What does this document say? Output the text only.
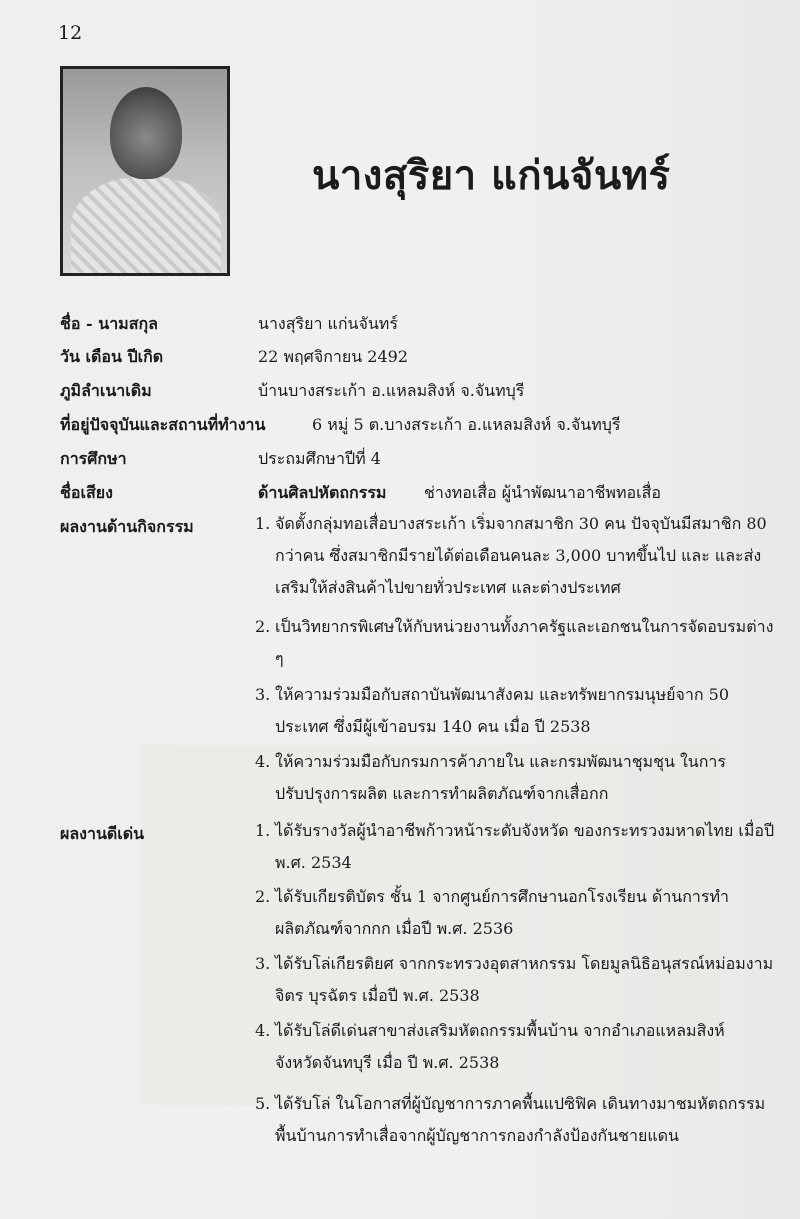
12
นางสุริยา แก่นจันทร์
ชื่อ - นามสกุล	นางสุริยา แก่นจันทร์
วัน เดือน ปีเกิด	22 พฤศจิกายน 2492
ภูมิลำเนาเดิม	บ้านบางสระเก้า อ.แหลมสิงห์ จ.จันทบุรี
ที่อยู่ปัจจุบันและสถานที่ทำงาน	6 หมู่ 5 ต.บางสระเก้า อ.แหลมสิงห์ จ.จันทบุรี
การศึกษา	ประถมศึกษาปีที่ 4
ชื่อเสียง	ด้านศิลปหัตถกรรม ช่างทอเสื่อ ผู้นำพัฒนาอาชีพทอเสื่อ
ผลงานด้านกิจกรรม	1. จัดตั้งกลุ่มทอเสื่อบางสระเก้า เริ่มจากสมาชิก 30 คน ปัจจุบันมีสมาชิก 80 กว่าคน ซึ่งสมาชิกมีรายได้ต่อเดือนคนละ 3,000 บาทขึ้นไป และ และส่งเสริมให้ส่งสินค้าไปขายทั่วประเทศ และต่างประเทศ
2. เป็นวิทยากรพิเศษให้กับหน่วยงานทั้งภาครัฐและเอกชนในการจัดอบรมต่าง ๆ
3. ให้ความร่วมมือกับสถาบันพัฒนาสังคม และทรัพยากรมนุษย์จาก 50 ประเทศ ซึ่งมีผู้เข้าอบรม 140 คน เมื่อ ปี 2538
4. ให้ความร่วมมือกับกรมการค้าภายใน และกรมพัฒนาชุมชุน ในการปรับปรุงการผลิต และการทำผลิตภัณฑ์จากเสื่อกก
ผลงานดีเด่น	1. ได้รับรางวัลผู้นำอาชีพก้าวหน้าระดับจังหวัด ของกระทรวงมหาดไทย เมื่อปี พ.ศ. 2534
2. ได้รับเกียรติบัตร ชั้น 1 จากศูนย์การศึกษานอกโรงเรียน ด้านการทำผลิตภัณฑ์จากกก เมื่อปี พ.ศ. 2536
3. ได้รับโล่เกียรติยศ จากกระทรวงอุตสาหกรรม โดยมูลนิธิอนุสรณ์หม่อมงามจิตร บุรฉัตร เมื่อปี พ.ศ. 2538
4. ได้รับโล่ดีเด่นสาขาส่งเสริมหัตถกรรมพื้นบ้าน จากอำเภอแหลมสิงห์ จังหวัดจันทบุรี เมื่อ ปี พ.ศ. 2538
5. ได้รับโล่ ในโอกาสที่ผู้บัญชาการภาคพื้นแปซิฟิค เดินทางมาชมหัตถกรรมพื้นบ้านการทำเสื่อจากผู้บัญชาการกองกำลังป้องกันชายแดน
